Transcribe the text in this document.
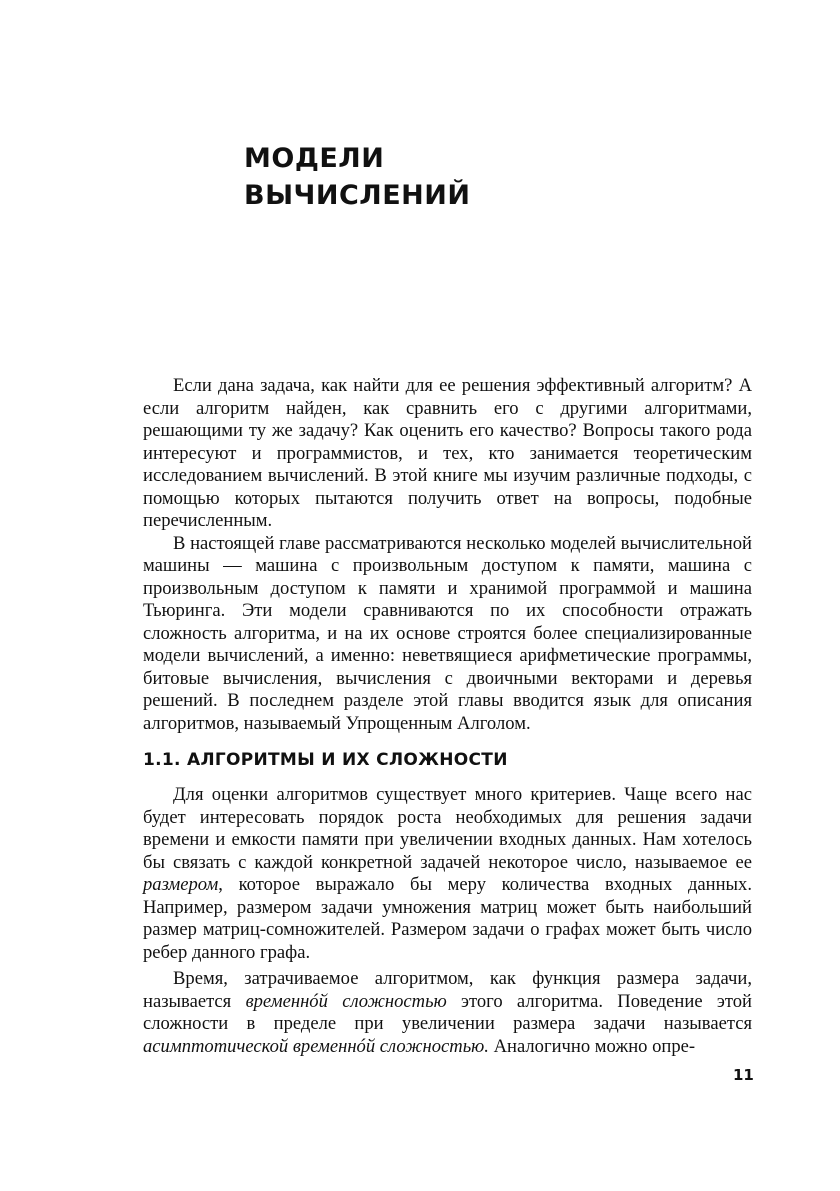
МОДЕЛИ
ВЫЧИСЛЕНИЙ

Если дана задача, как найти для ее решения эффективный алгоритм? А если алгоритм найден, как сравнить его с другими алгоритмами, решающими ту же задачу? Как оценить его качество? Вопросы такого рода интересуют и программистов, и тех, кто занимается теоретическим исследованием вычислений. В этой книге мы изучим различные подходы, с помощью которых пытаются получить ответ на вопросы, подобные перечисленным.

В настоящей главе рассматриваются несколько моделей вычислительной машины — машина с произвольным доступом к памяти, машина с произвольным доступом к памяти и хранимой программой и машина Тьюринга. Эти модели сравниваются по их способности отражать сложность алгоритма, и на их основе строятся более специализированные модели вычислений, а именно: неветвящиеся арифметические программы, битовые вычисления, вычисления с двоичными векторами и деревья решений. В последнем разделе этой главы вводится язык для описания алгоритмов, называемый Упрощенным Алголом.

1.1. АЛГОРИТМЫ И ИХ СЛОЖНОСТИ

Для оценки алгоритмов существует много критериев. Чаще всего нас будет интересовать порядок роста необходимых для решения задачи времени и емкости памяти при увеличении входных данных. Нам хотелось бы связать с каждой конкретной задачей некоторое число, называемое ее размером, которое выражало бы меру количества входных данных. Например, размером задачи умножения матриц может быть наибольший размер матриц-сомножителей. Размером задачи о графах может быть число ребер данного графа.

Время, затрачиваемое алгоритмом, как функция размера задачи, называется временнóй сложностью этого алгоритма. Поведение этой сложности в пределе при увеличении размера задачи называется асимптотической временнóй сложностью. Аналогично можно опре-

11
